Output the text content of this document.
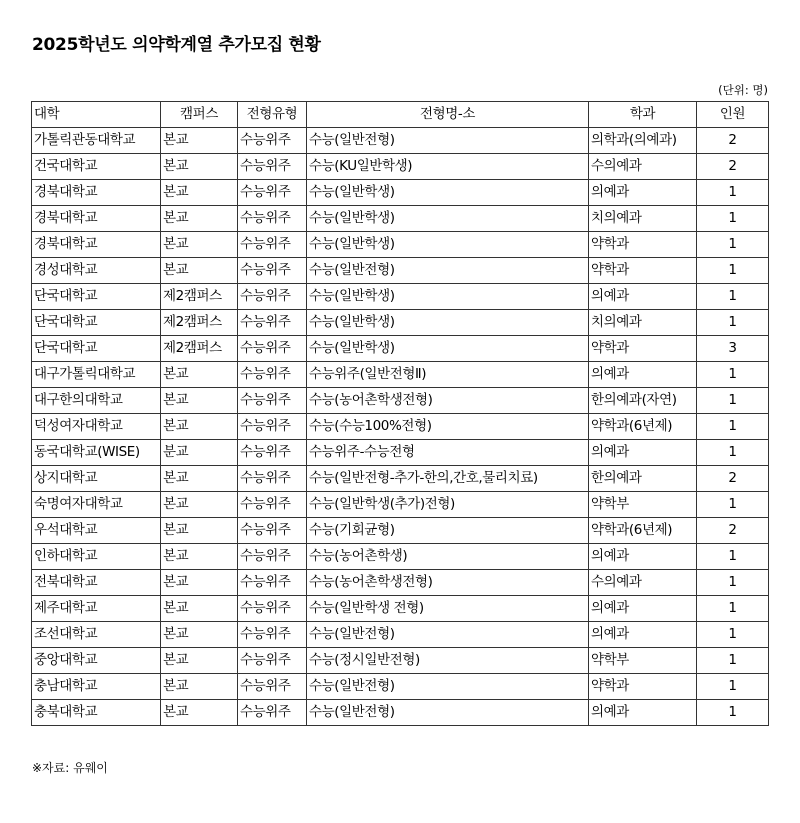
2025학년도 의약학계열 추가모집 현황
(단위: 명)
대학	캠퍼스	전형유형	전형명-소	학과	인원
가톨릭관동대학교	본교	수능위주	수능(일반전형)	의학과(의예과)	2
건국대학교	본교	수능위주	수능(KU일반학생)	수의예과	2
경북대학교	본교	수능위주	수능(일반학생)	의예과	1
경북대학교	본교	수능위주	수능(일반학생)	치의예과	1
경북대학교	본교	수능위주	수능(일반학생)	약학과	1
경성대학교	본교	수능위주	수능(일반전형)	약학과	1
단국대학교	제2캠퍼스	수능위주	수능(일반학생)	의예과	1
단국대학교	제2캠퍼스	수능위주	수능(일반학생)	치의예과	1
단국대학교	제2캠퍼스	수능위주	수능(일반학생)	약학과	3
대구가톨릭대학교	본교	수능위주	수능위주(일반전형Ⅱ)	의예과	1
대구한의대학교	본교	수능위주	수능(농어촌학생전형)	한의예과(자연)	1
덕성여자대학교	본교	수능위주	수능(수능100%전형)	약학과(6년제)	1
동국대학교(WISE)	분교	수능위주	수능위주-수능전형	의예과	1
상지대학교	본교	수능위주	수능(일반전형-추가-한의,간호,물리치료)	한의예과	2
숙명여자대학교	본교	수능위주	수능(일반학생(추가)전형)	약학부	1
우석대학교	본교	수능위주	수능(기회균형)	약학과(6년제)	2
인하대학교	본교	수능위주	수능(농어촌학생)	의예과	1
전북대학교	본교	수능위주	수능(농어촌학생전형)	수의예과	1
제주대학교	본교	수능위주	수능(일반학생 전형)	의예과	1
조선대학교	본교	수능위주	수능(일반전형)	의예과	1
중앙대학교	본교	수능위주	수능(정시일반전형)	약학부	1
충남대학교	본교	수능위주	수능(일반전형)	약학과	1
충북대학교	본교	수능위주	수능(일반전형)	의예과	1
※자료: 유웨이
